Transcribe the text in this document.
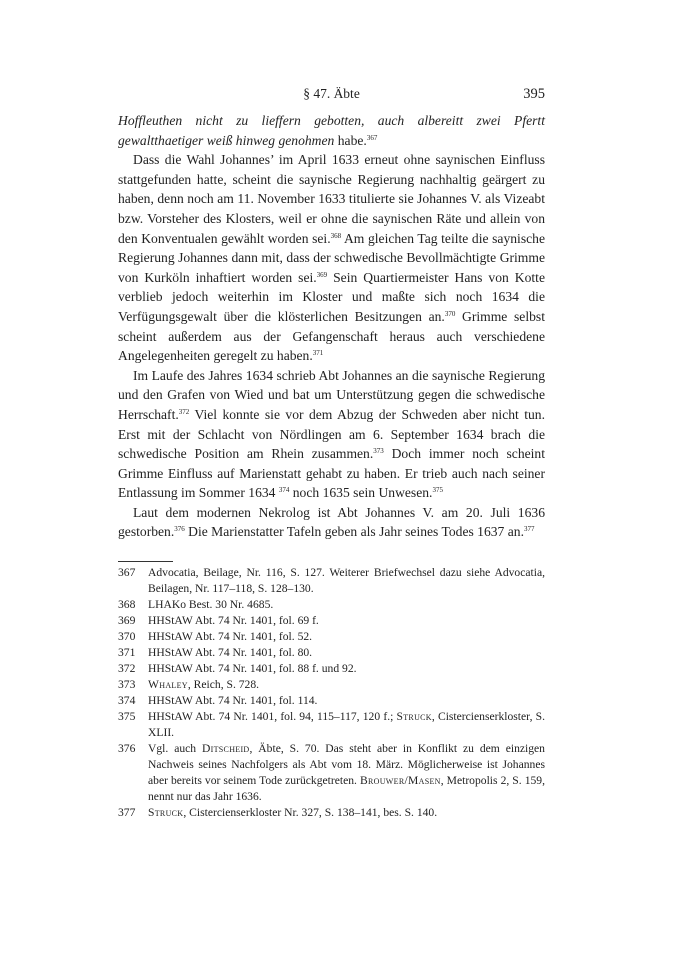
§ 47. Äbte	395

Hoffleuthen nicht zu lieffern gebotten, auch albereitt zwei Pfertt gewaltthaetiger weiß hinweg genohmen habe.$^{367}$

Dass die Wahl Johannes’ im April 1633 erneut ohne saynischen Einfluss stattgefunden hatte, scheint die saynische Regierung nachhaltig geärgert zu haben, denn noch am 11. November 1633 titulierte sie Johannes V. als Vizeabt bzw. Vorsteher des Klosters, weil er ohne die saynischen Räte und allein von den Konventualen gewählt worden sei.$^{368}$ Am gleichen Tag teilte die saynische Regierung Johannes dann mit, dass der schwedische Bevollmächtigte Grimme von Kurköln inhaftiert worden sei.$^{369}$ Sein Quartiermeister Hans von Kotte verblieb jedoch weiterhin im Kloster und maßte sich noch 1634 die Verfügungsgewalt über die klösterlichen Besitzungen an.$^{370}$ Grimme selbst scheint außerdem aus der Gefangenschaft heraus auch verschiedene Angelegenheiten geregelt zu haben.$^{371}$

Im Laufe des Jahres 1634 schrieb Abt Johannes an die saynische Regierung und den Grafen von Wied und bat um Unterstützung gegen die schwedische Herrschaft.$^{372}$ Viel konnte sie vor dem Abzug der Schweden aber nicht tun. Erst mit der Schlacht von Nördlingen am 6. September 1634 brach die schwedische Position am Rhein zusammen.$^{373}$ Doch immer noch scheint Grimme Einfluss auf Marienstatt gehabt zu haben. Er trieb auch nach seiner Entlassung im Sommer 1634 $^{374}$ noch 1635 sein Unwesen.$^{375}$

Laut dem modernen Nekrolog ist Abt Johannes V. am 20. Juli 1636 gestorben.$^{376}$ Die Marienstatter Tafeln geben als Jahr seines Todes 1637 an.$^{377}$

367	Advocatia, Beilage, Nr. 116, S. 127. Weiterer Briefwechsel dazu siehe Advocatia, Beilagen, Nr. 117–118, S. 128–130.
368	LHAKo Best. 30 Nr. 4685.
369	HHStAW Abt. 74 Nr. 1401, fol. 69 f.
370	HHStAW Abt. 74 Nr. 1401, fol. 52.
371	HHStAW Abt. 74 Nr. 1401, fol. 80.
372	HHStAW Abt. 74 Nr. 1401, fol. 88 f. und 92.
373	Whaley, Reich, S. 728.
374	HHStAW Abt. 74 Nr. 1401, fol. 114.
375	HHStAW Abt. 74 Nr. 1401, fol. 94, 115–117, 120 f.; Struck, Cistercienserkloster, S. XLII.
376	Vgl. auch Ditscheid, Äbte, S. 70. Das steht aber in Konflikt zu dem einzigen Nachweis seines Nachfolgers als Abt vom 18. März. Möglicherweise ist Johannes aber bereits vor seinem Tode zurückgetreten. Brouwer/Masen, Metropolis 2, S. 159, nennt nur das Jahr 1636.
377	Struck, Cistercienserkloster Nr. 327, S. 138–141, bes. S. 140.
